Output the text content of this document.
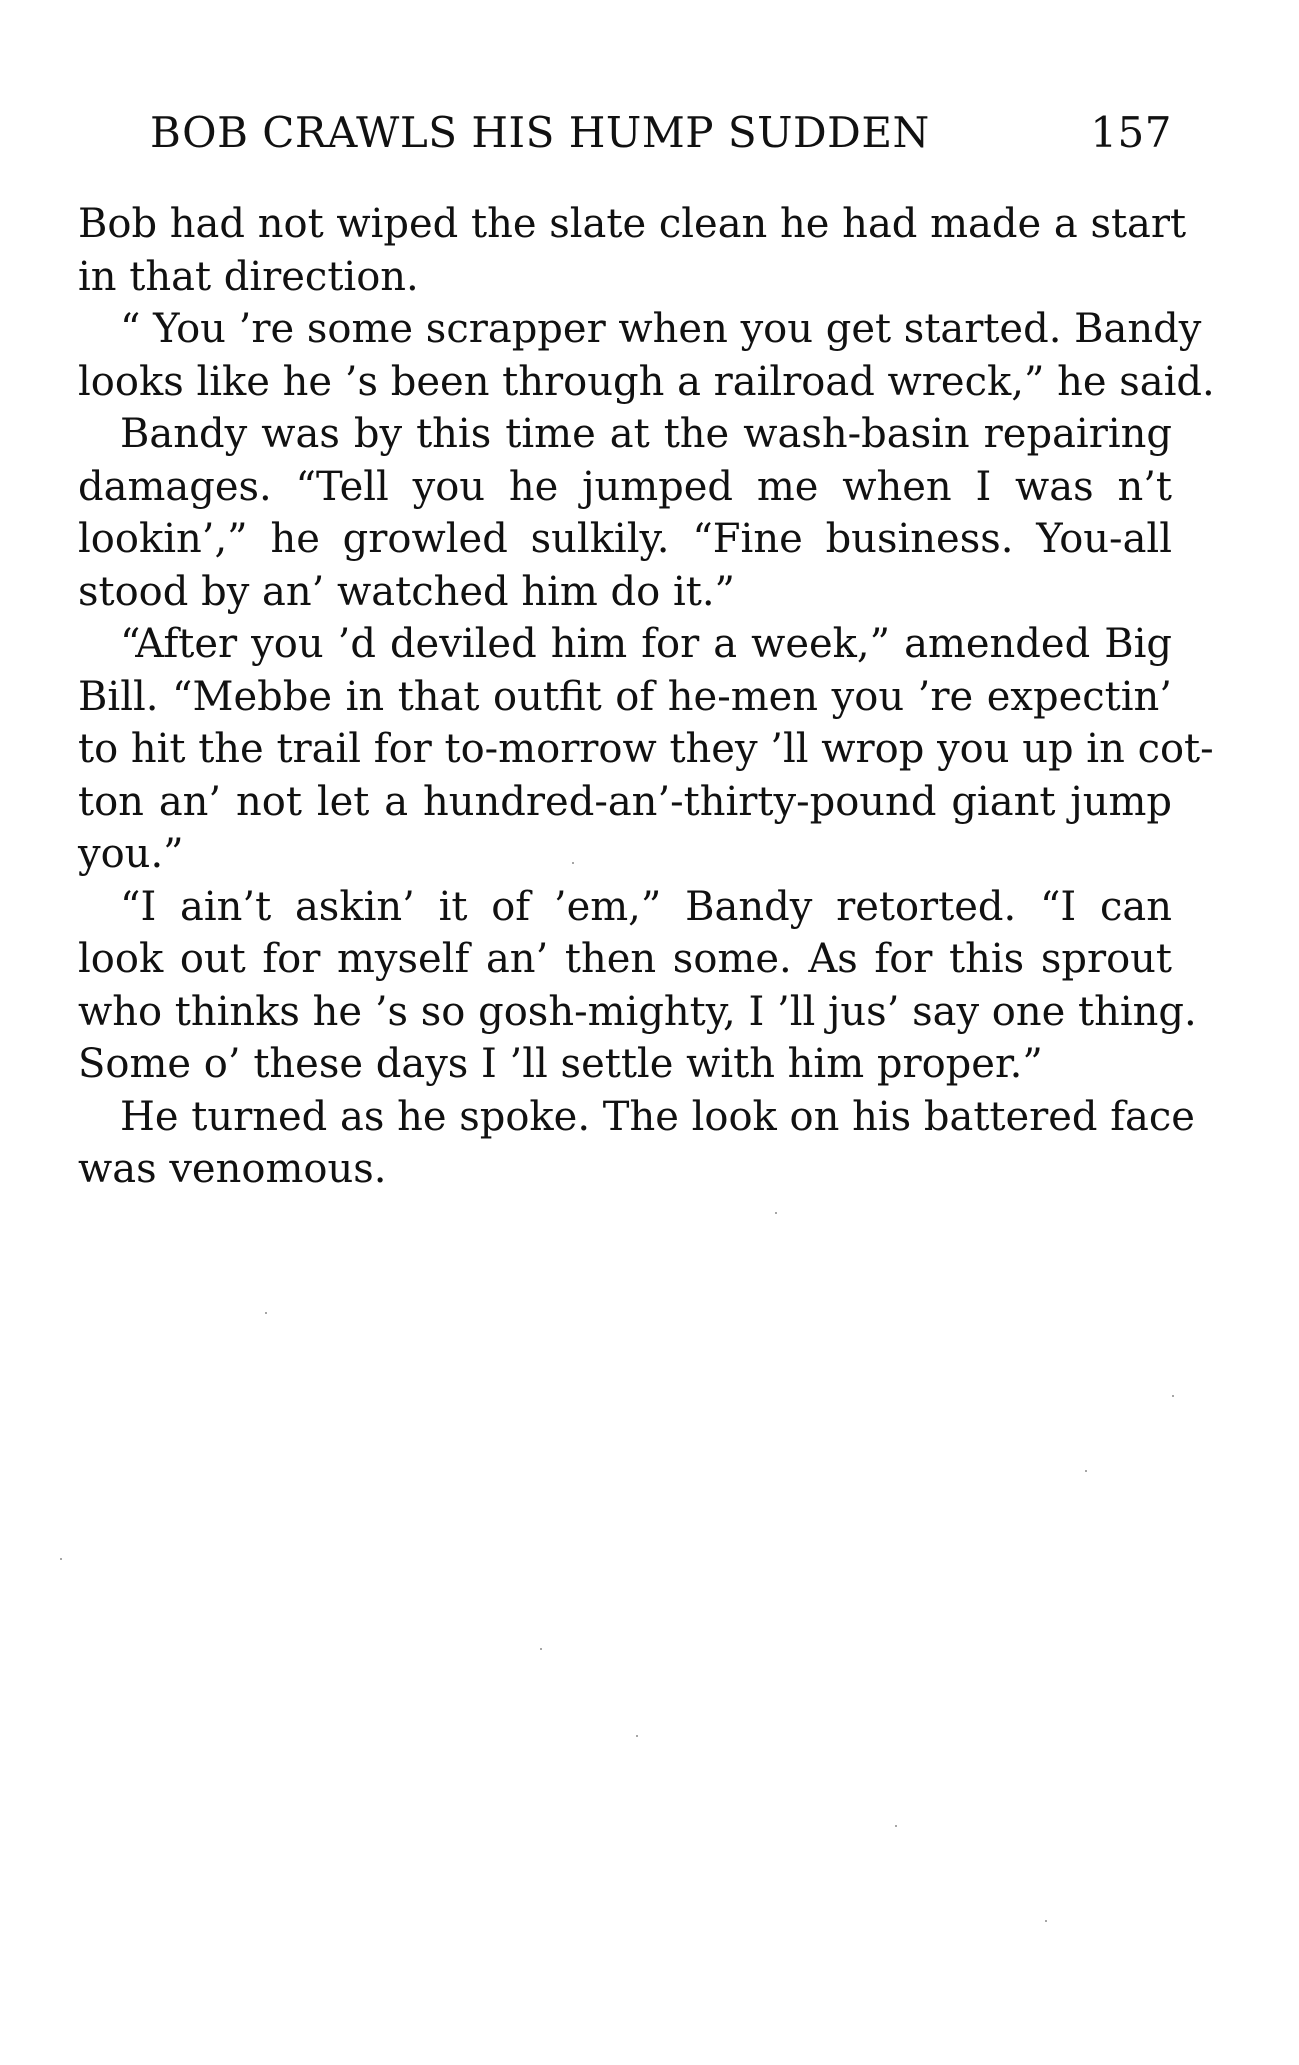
BOB CRAWLS HIS HUMP SUDDEN	157
Bob had not wiped the slate clean he had made a start
in that direction.
“ You ’re some scrapper when you get started. Bandy
looks like he ’s been through a railroad wreck,” he said.
Bandy was by this time at the wash-basin repairing
damages. “Tell you he jumped me when I was n’t
lookin’,” he growled sulkily. “Fine business. You-all
stood by an’ watched him do it.”
“After you ’d deviled him for a week,” amended Big
Bill. “Mebbe in that outfit of he-men you ’re expectin’
to hit the trail for to-morrow they ’ll wrop you up in cot-
ton an’ not let a hundred-an’-thirty-pound giant jump
you.”
“I ain’t askin’ it of ’em,” Bandy retorted. “I can
look out for myself an’ then some. As for this sprout
who thinks he ’s so gosh-mighty, I ’ll jus’ say one thing.
Some o’ these days I ’ll settle with him proper.”
He turned as he spoke. The look on his battered face
was venomous.
